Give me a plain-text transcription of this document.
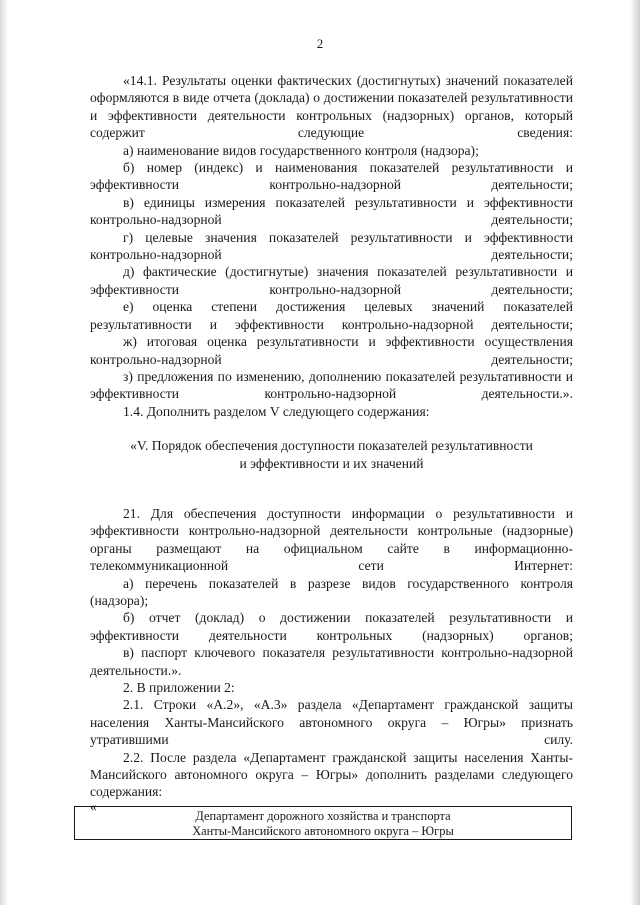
2

«14.1. Результаты оценки фактических (достигнутых) значений показателей оформляются в виде отчета (доклада) о достижении показателей результативности и эффективности деятельности контрольных (надзорных) органов, который содержит следующие сведения:

а) наименование видов государственного контроля (надзора);

б) номер (индекс) и наименования показателей результативности и эффективности контрольно-надзорной деятельности;

в) единицы измерения показателей результативности и эффективности контрольно-надзорной деятельности;

г) целевые значения показателей результативности и эффективности контрольно-надзорной деятельности;

д) фактические (достигнутые) значения показателей результативности и эффективности контрольно-надзорной деятельности;

е) оценка степени достижения целевых значений показателей результативности и эффективности контрольно-надзорной деятельности;

ж) итоговая оценка результативности и эффективности осуществления контрольно-надзорной деятельности;

з) предложения по изменению, дополнению показателей результативности и эффективности контрольно-надзорной деятельности.».

1.4. Дополнить разделом V следующего содержания:

«V. Порядок обеспечения доступности показателей результативности
и эффективности и их значений

21. Для обеспечения доступности информации о результативности и эффективности контрольно-надзорной деятельности контрольные (надзорные) органы размещают на официальном сайте в информационно-телекоммуникационной сети Интернет:

а) перечень показателей в разрезе видов государственного контроля (надзора);

б) отчет (доклад) о достижении показателей результативности и эффективности деятельности контрольных (надзорных) органов;

в) паспорт ключевого показателя результативности контрольно-надзорной деятельности.».

2. В приложении 2:

2.1. Строки «А.2», «А.3» раздела «Департамент гражданской защиты населения Ханты-Мансийского автономного округа – Югры» признать утратившими силу.

2.2. После раздела «Департамент гражданской защиты населения Ханты-Мансийского автономного округа – Югры» дополнить разделами следующего содержания:

«

Департамент дорожного хозяйства и транспорта
Ханты-Мансийского автономного округа – Югры
